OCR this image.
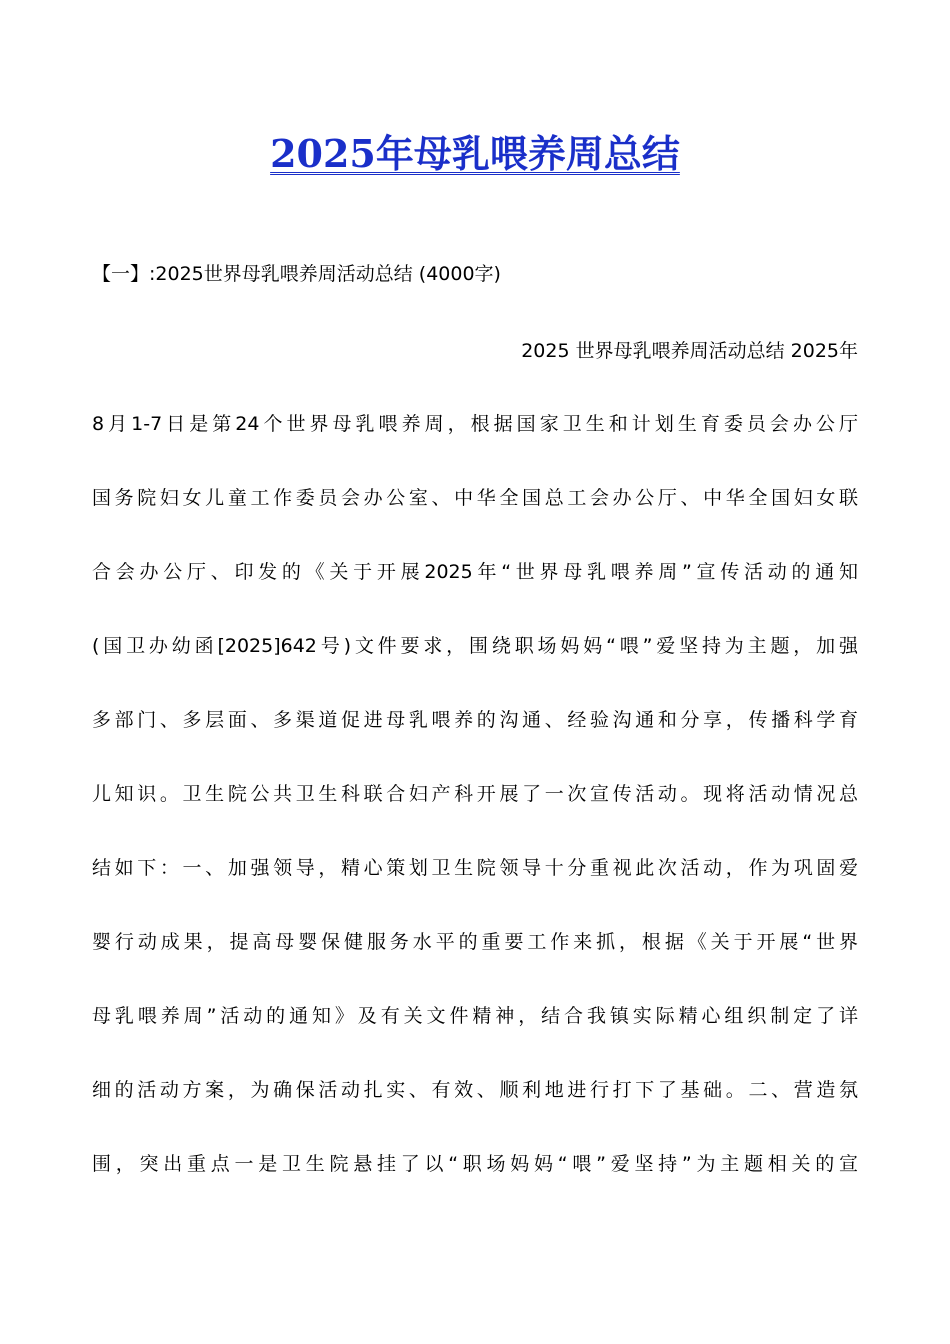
2025年母乳喂养周总结
【一】:2025世界母乳喂养周活动总结 (4000字)
2025 世界母乳喂养周活动总结 2025年
8月1-7日是第24个世界母乳喂养周，根据国家卫生和计划生育委员会办公厅
国务院妇女儿童工作委员会办公室、中华全国总工会办公厅、中华全国妇女联
合会办公厅、印发的《关于开展2025年“世界母乳喂养周”宣传活动的通知
(国卫办幼函[2025]642号)文件要求，围绕职场妈妈“喂”爱坚持为主题，加强
多部门、多层面、多渠道促进母乳喂养的沟通、经验沟通和分享，传播科学育
儿知识。卫生院公共卫生科联合妇产科开展了一次宣传活动。现将活动情况总
结如下：一、加强领导，精心策划卫生院领导十分重视此次活动，作为巩固爱
婴行动成果，提高母婴保健服务水平的重要工作来抓，根据《关于开展“世界
母乳喂养周”活动的通知》及有关文件精神，结合我镇实际精心组织制定了详
细的活动方案，为确保活动扎实、有效、顺利地进行打下了基础。二、营造氛
围，突出重点一是卫生院悬挂了以“职场妈妈“喂”爱坚持”为主题相关的宣
